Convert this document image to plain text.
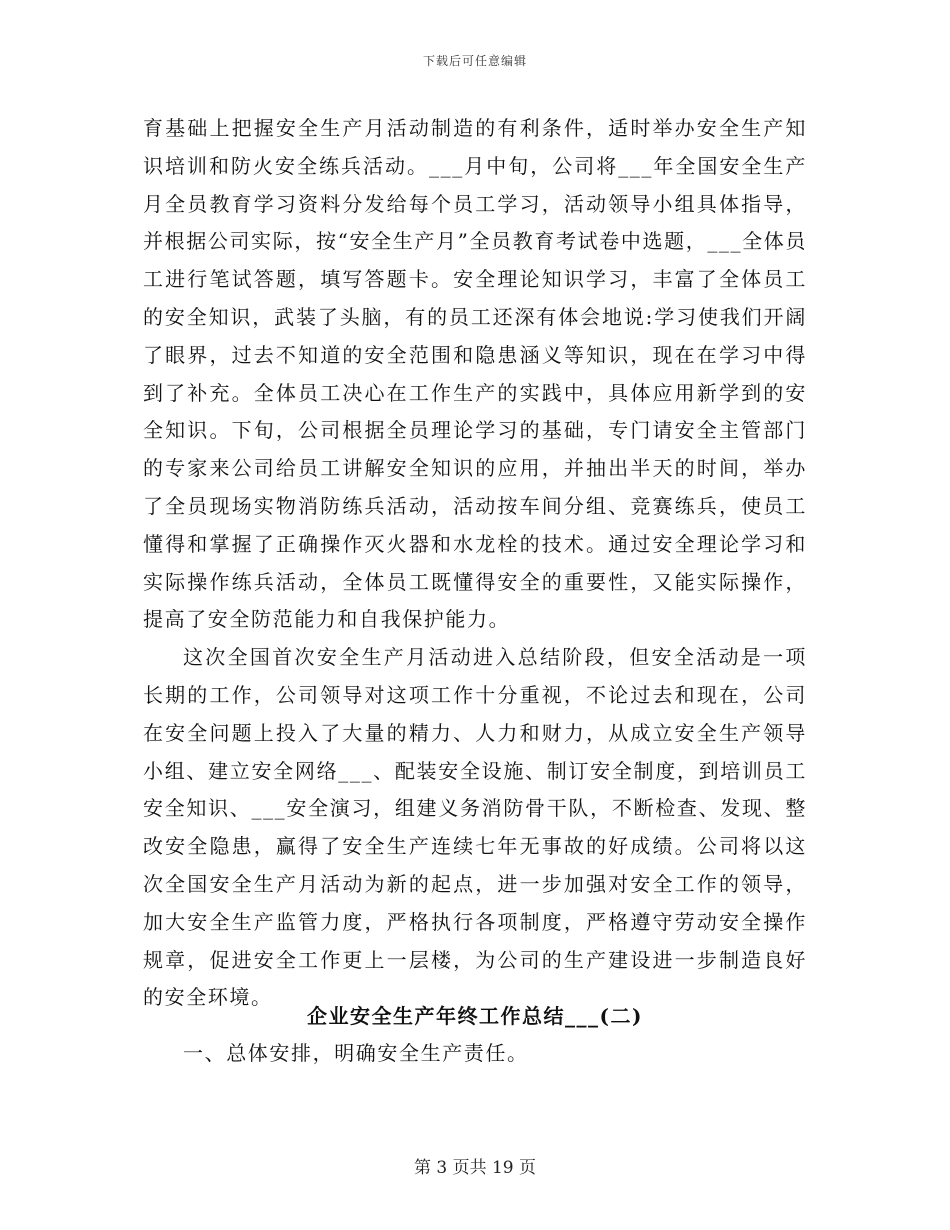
下载后可任意编辑

育基础上把握安全生产月活动制造的有利条件，适时举办安全生产知识培训和防火安全练兵活动。___月中旬，公司将___年全国安全生产月全员教育学习资料分发给每个员工学习，活动领导小组具体指导，并根据公司实际，按“安全生产月”全员教育考试卷中选题，___全体员工进行笔试答题，填写答题卡。安全理论知识学习，丰富了全体员工的安全知识，武装了头脑，有的员工还深有体会地说:学习使我们开阔了眼界，过去不知道的安全范围和隐患涵义等知识，现在在学习中得到了补充。全体员工决心在工作生产的实践中，具体应用新学到的安全知识。下旬，公司根据全员理论学习的基础，专门请安全主管部门的专家来公司给员工讲解安全知识的应用，并抽出半天的时间，举办了全员现场实物消防练兵活动，活动按车间分组、竞赛练兵，使员工懂得和掌握了正确操作灭火器和水龙栓的技术。通过安全理论学习和实际操作练兵活动，全体员工既懂得安全的重要性，又能实际操作，提高了安全防范能力和自我保护能力。

这次全国首次安全生产月活动进入总结阶段，但安全活动是一项长期的工作，公司领导对这项工作十分重视，不论过去和现在，公司在安全问题上投入了大量的精力、人力和财力，从成立安全生产领导小组、建立安全网络___、配装安全设施、制订安全制度，到培训员工安全知识、___安全演习，组建义务消防骨干队，不断检查、发现、整改安全隐患，赢得了安全生产连续七年无事故的好成绩。公司将以这次全国安全生产月活动为新的起点，进一步加强对安全工作的领导，加大安全生产监管力度，严格执行各项制度，严格遵守劳动安全操作规章，促进安全工作更上一层楼，为公司的生产建设进一步制造良好的安全环境。

企业安全生产年终工作总结___(二)
一、总体安排，明确安全生产责任。
第 3 页共 19 页
